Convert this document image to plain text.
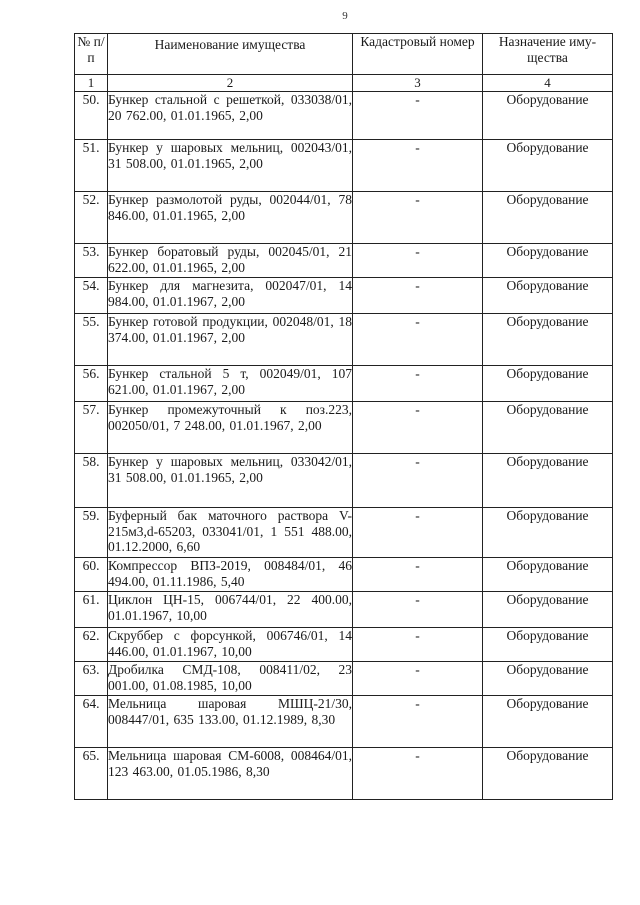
9
№ п/п	Наименование имущества	Кадастровый номер	Назначение иму- щества
1	2	3	4
50.	Бункер стальной с решеткой, 033038/01, 20 762.00, 01.01.1965, 2,00	-	Оборудование
51.	Бункер у шаровых мельниц, 002043/01, 31 508.00, 01.01.1965, 2,00	-	Оборудование
52.	Бункер размолотой руды, 002044/01, 78 846.00, 01.01.1965, 2,00	-	Оборудование
53.	Бункер боратовый руды, 002045/01, 21 622.00, 01.01.1965, 2,00	-	Оборудование
54.	Бункер для магнезита, 002047/01, 14 984.00, 01.01.1967, 2,00	-	Оборудование
55.	Бункер готовой продукции, 002048/01, 18 374.00, 01.01.1967, 2,00	-	Оборудование
56.	Бункер стальной 5 т, 002049/01, 107 621.00, 01.01.1967, 2,00	-	Оборудование
57.	Бункер промежуточный к поз.223, 002050/01, 7 248.00, 01.01.1967, 2,00	-	Оборудование
58.	Бункер у шаровых мельниц, 033042/01, 31 508.00, 01.01.1965, 2,00	-	Оборудование
59.	Буферный бак маточного раствора V-215м3,d-65203, 033041/01, 1 551 488.00, 01.12.2000, 6,60	-	Оборудование
60.	Компрессор ВПЗ-2019, 008484/01, 46 494.00, 01.11.1986, 5,40	-	Оборудование
61.	Циклон ЦН-15, 006744/01, 22 400.00, 01.01.1967, 10,00	-	Оборудование
62.	Скруббер с форсункой, 006746/01, 14 446.00, 01.01.1967, 10,00	-	Оборудование
63.	Дробилка СМД-108, 008411/02, 23 001.00, 01.08.1985, 10,00	-	Оборудование
64.	Мельница шаровая МШЦ-21/30, 008447/01, 635 133.00, 01.12.1989, 8,30	-	Оборудование
65.	Мельница шаровая СМ-6008, 008464/01, 123 463.00, 01.05.1986, 8,30	-	Оборудование
